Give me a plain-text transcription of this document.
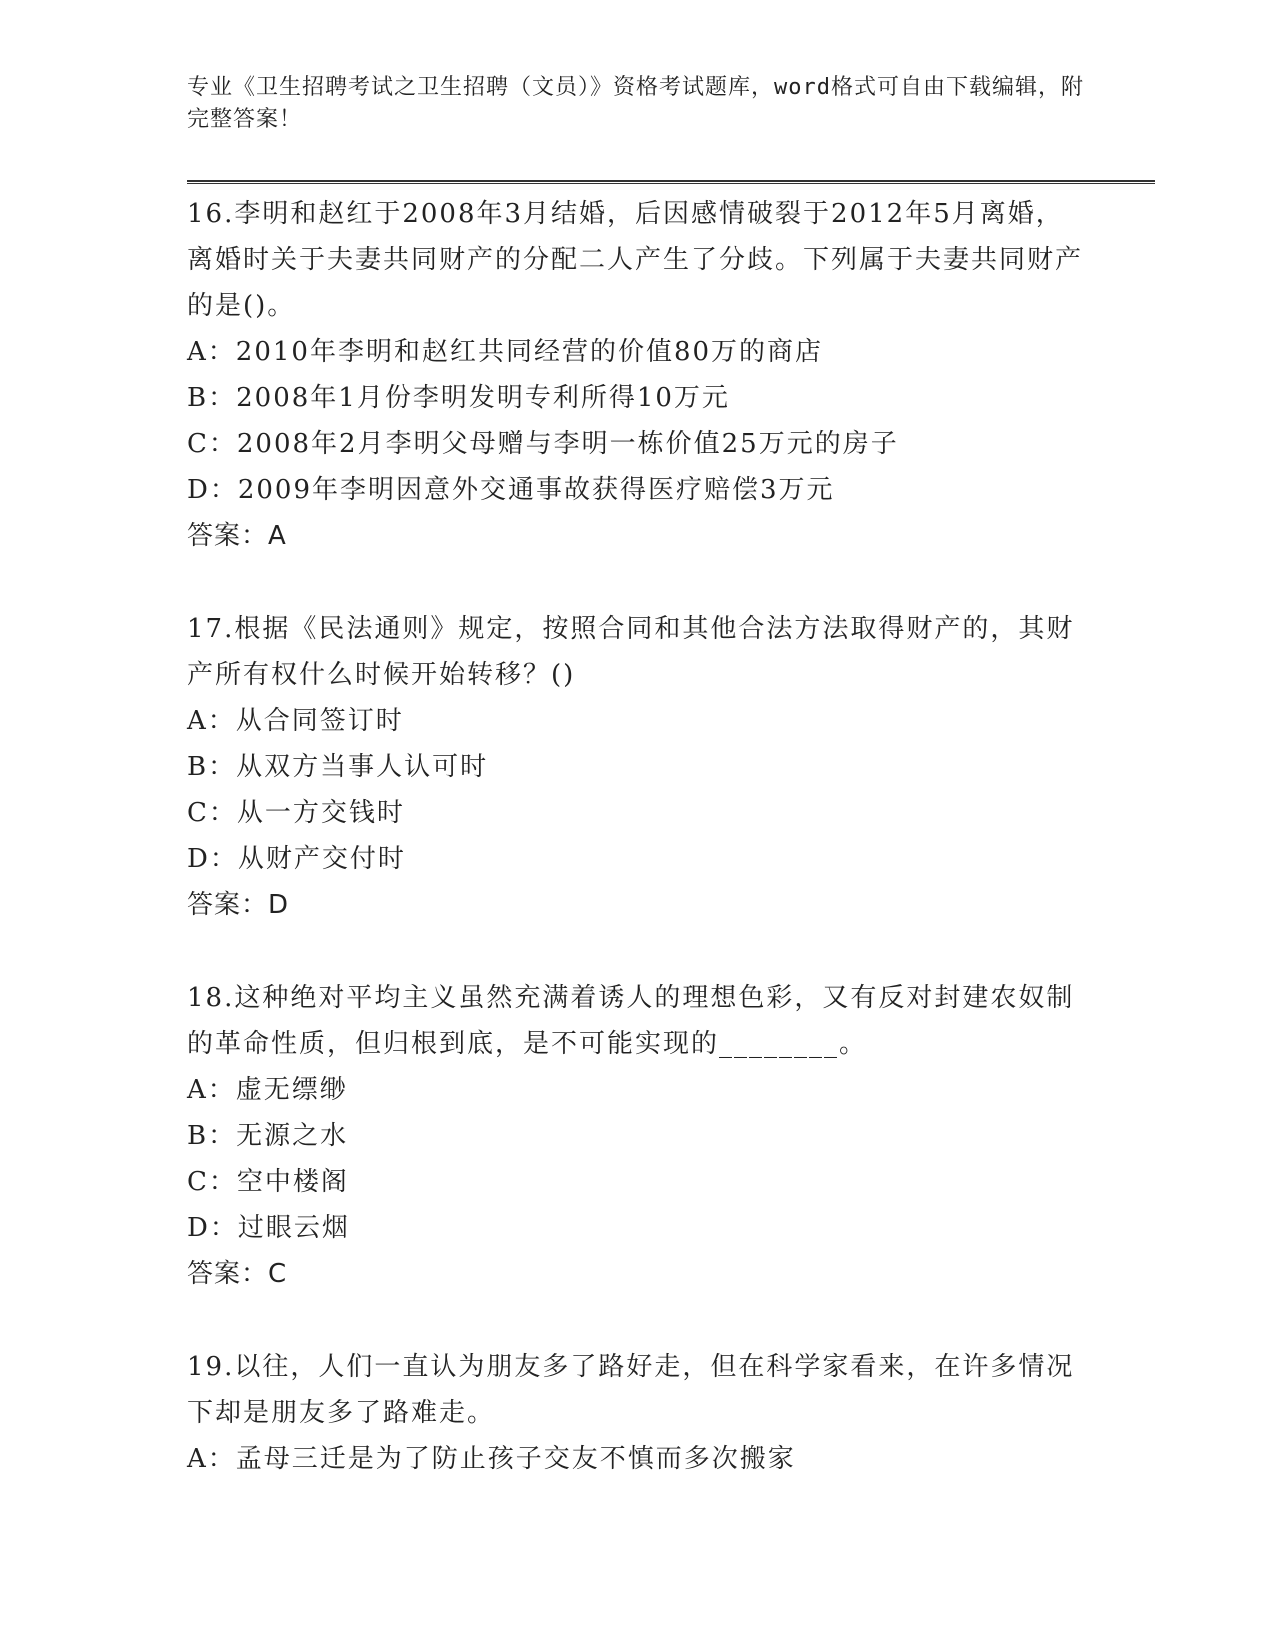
专业《卫生招聘考试之卫生招聘（文员）》资格考试题库，word格式可自由下载编辑，附完整答案！

16.李明和赵红于2008年3月结婚，后因感情破裂于2012年5月离婚，离婚时关于夫妻共同财产的分配二人产生了分歧。下列属于夫妻共同财产的是()。

A：2010年李明和赵红共同经营的价值80万的商店

B：2008年1月份李明发明专利所得10万元

C：2008年2月李明父母赠与李明一栋价值25万元的房子

D：2009年李明因意外交通事故获得医疗赔偿3万元

答案：A

17.根据《民法通则》规定，按照合同和其他合法方法取得财产的，其财产所有权什么时候开始转移？()

A：从合同签订时

B：从双方当事人认可时

C：从一方交钱时

D：从财产交付时

答案：D

18.这种绝对平均主义虽然充满着诱人的理想色彩，又有反对封建农奴制的革命性质，但归根到底，是不可能实现的________。

A：虚无缥缈

B：无源之水

C：空中楼阁

D：过眼云烟

答案：C

19.以往，人们一直认为朋友多了路好走，但在科学家看来，在许多情况下却是朋友多了路难走。

A：孟母三迁是为了防止孩子交友不慎而多次搬家
